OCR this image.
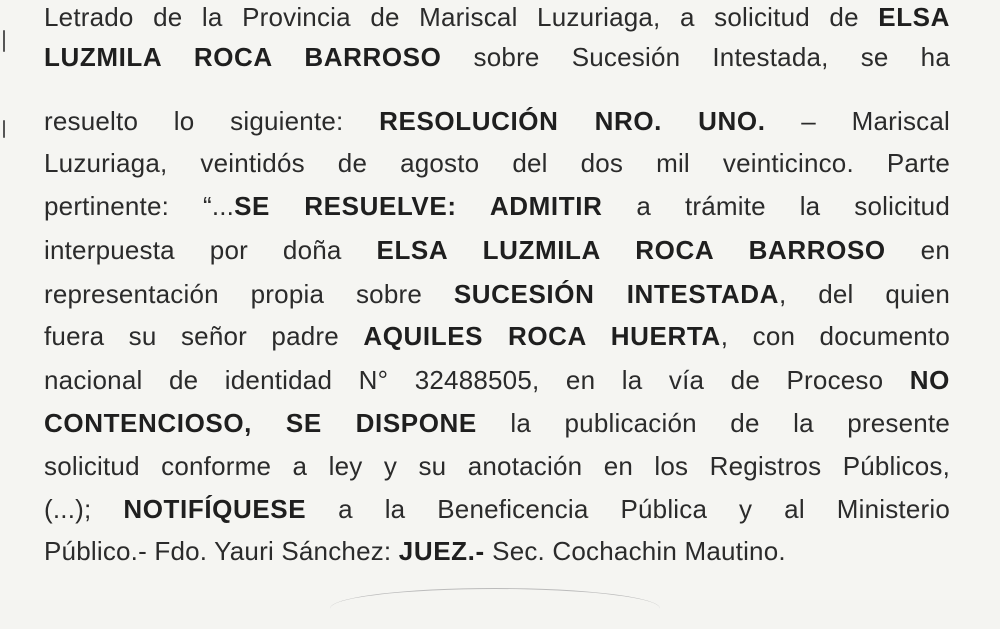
Letrado de la Provincia de Mariscal Luzuriaga, a solicitud de ELSA
LUZMILA ROCA BARROSO sobre Sucesión Intestada, se ha
resuelto lo siguiente: RESOLUCIÓN NRO. UNO. – Mariscal
Luzuriaga, veintidós de agosto del dos mil veinticinco. Parte
pertinente: “...SE RESUELVE: ADMITIR a trámite la solicitud
interpuesta por doña ELSA LUZMILA ROCA BARROSO en
representación propia sobre SUCESIÓN INTESTADA, del quien
fuera su señor padre AQUILES ROCA HUERTA, con documento
nacional de identidad N° 32488505, en la vía de Proceso NO
CONTENCIOSO, SE DISPONE la publicación de la presente
solicitud conforme a ley y su anotación en los Registros Públicos,
(...); NOTIFÍQUESE a la Beneficencia Pública y al Ministerio
Público.- Fdo. Yauri Sánchez: JUEZ.- Sec. Cochachin Mautino.
